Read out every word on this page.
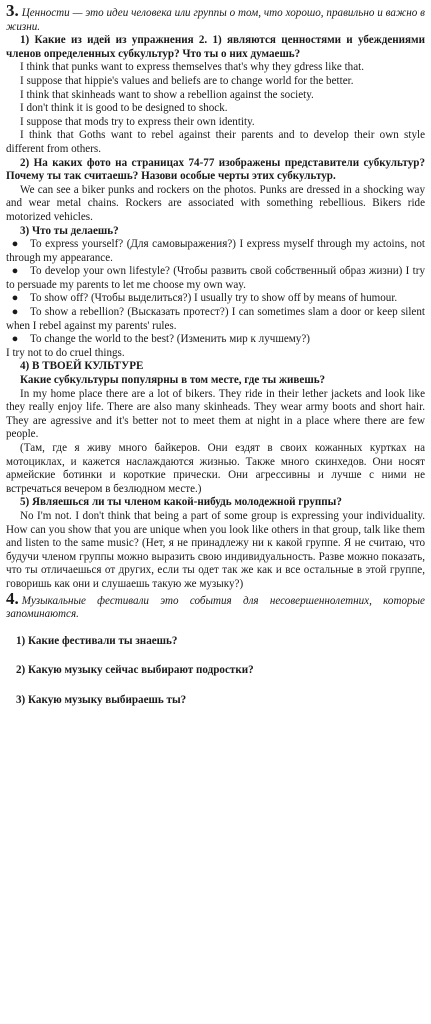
3. Ценности — это идеи человека или группы о том, что хорошо, правильно и важно в жизни.

1) Какие из идей из упражнения 2. 1) являются ценностями и убеждениями членов определенных субкультур? Что ты о них думаешь?

I think that punks want to express themselves that's why they gdress like that.

I suppose that hippie's values and beliefs are to change world for the better.

I think that skinheads want to show a rebellion against the society.

I don't think it is good to be designed to shock.

I suppose that mods try to express their own identity.

I think that Goths want to rebel against their parents and to develop their own style different from others.

2) На каких фото на страницах 74-77 изображены представители субкультур? Почему ты так считаешь? Назови особые черты этих субкультур.

We can see a biker punks and rockers on the photos. Punks are dressed in a shocking way and wear metal chains. Rockers are associated with something rebellious. Bikers ride motorized vehicles.

3) Что ты делаешь?

● To express yourself? (Для самовыражения?) I express myself through my actoins, not through my appearance.

● To develop your own lifestyle? (Чтобы развить свой собственный образ жизни) I try to persuade my parents to let me choose my own way.

● To show off? (Чтобы выделиться?) I usually try to show off by means of humour.

● To show a rebellion? (Высказать протест?) I can sometimes slam a door or keep silent when I rebel against my parents' rules.

● To change the world to the best? (Изменить мир к лучшему?)

I try not to do cruel things.

4) В ТВОЕЙ КУЛЬТУРЕ

Какие субкультуры популярны в том месте, где ты живешь?

In my home place there are a lot of bikers. They ride in their lether jackets and look like they really enjoy life. There are also many skinheads. They wear army boots and short hair. They are agressive and it's better not to meet them at night in a place where there are few people.

(Там, где я живу много байкеров. Они ездят в своих кожанных куртках на мотоциклах, и кажется наслаждаются жизнью. Также много скинхедов. Они носят армейские ботинки и короткие прически. Они агрессивны и лучше с ними не встречаться вечером в безлюдном месте.)

5) Являешься ли ты членом какой-нибудь молодежной группы?

No I'm not. I don't think that being a part of some group is expressing your individuality. How can you show that you are unique when you look like others in that group, talk like them and listen to the same music? (Нет, я не принадлежу ни к какой группе. Я не считаю, что будучи членом группы можно выразить свою индивидуальность. Разве можно показать, что ты отличаешься от других, если ты одет так же как и все остальные в этой группе, говоришь как они и слушаешь такую же музыку?)

4. Музыкальные фестивали это события для несовершеннолетних, которые запоминаются.

1) Какие фестивали ты знаешь?

2) Какую музыку сейчас выбирают подростки?

3) Какую музыку выбираешь ты?
